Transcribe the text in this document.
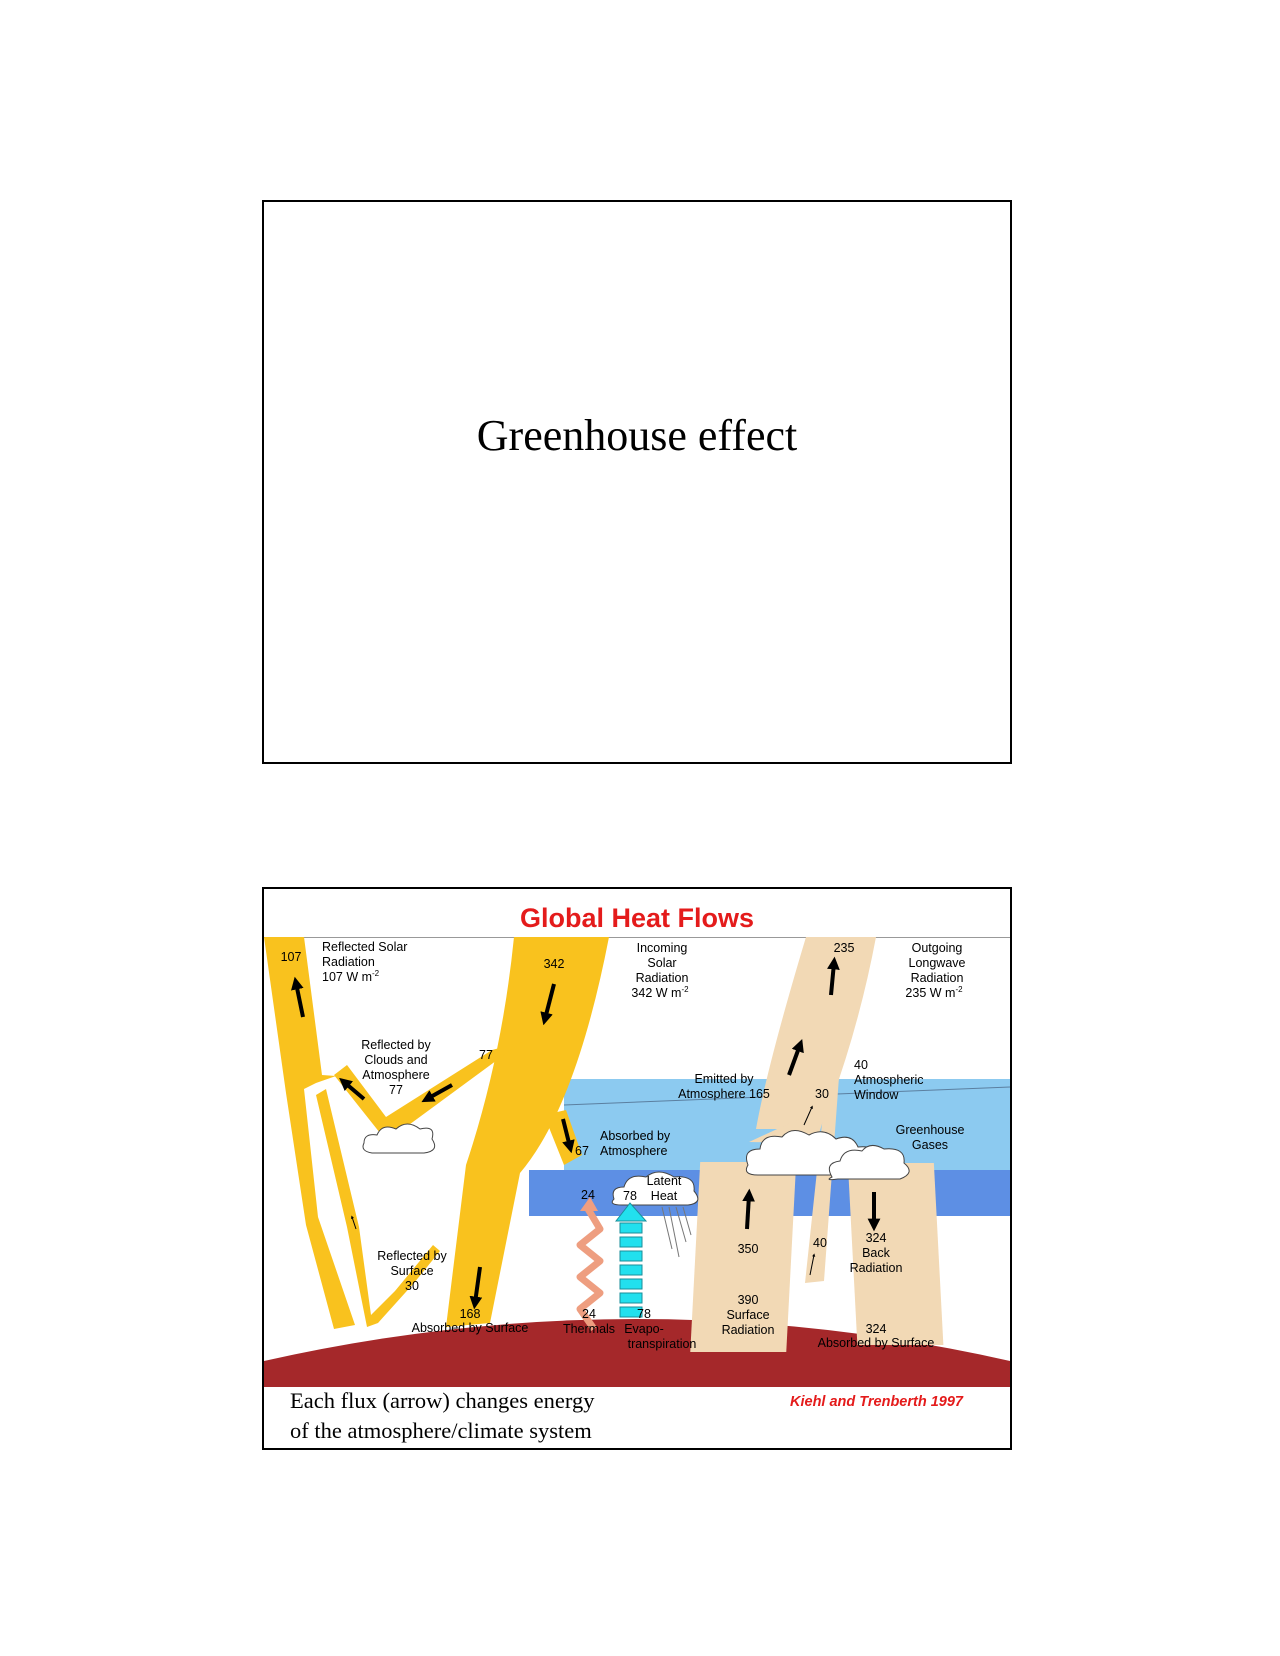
Greenhouse effect
Global Heat Flows
Reflected Solar
Radiation
107 W $m^{-2}$
107	342
Incoming
Solar
Radiation
342 W $m^{-2}$
235	Outgoing
Longwave
Radiation
235 W $m^{-2}$
Reflected by
Clouds and
Atmosphere
77
77
Emitted by
Atmosphere 165	30
40
Atmospheric
Window
Greenhouse
Gases
Absorbed by
Atmosphere
67
Latent
Heat
24 78
350	40	324
Back
Radiation
Reflected by
Surface
30
168
Absorbed by Surface
24
Thermals
78
Evapo-
transpiration
390
Surface
Radiation	324
Absorbed by Surface
Each flux (arrow) changes energy
of the atmosphere/climate system
Kiehl and Trenberth 1997
